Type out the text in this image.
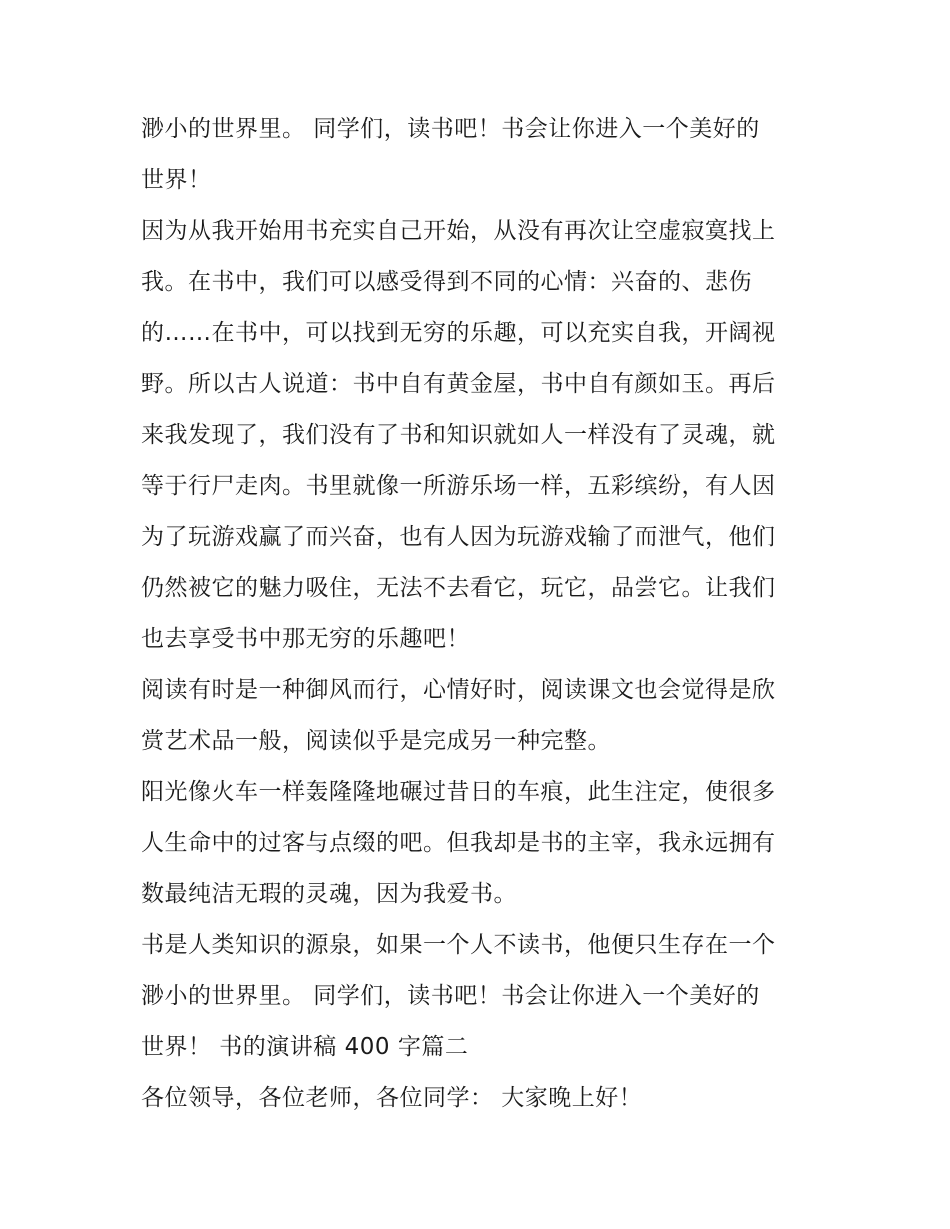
渺小的世界里。 同学们，读书吧！书会让你进入一个美好的
世界！
因为从我开始用书充实自己开始，从没有再次让空虚寂寞找上
我。在书中，我们可以感受得到不同的心情：兴奋的、悲伤
的……在书中，可以找到无穷的乐趣，可以充实自我，开阔视
野。所以古人说道：书中自有黄金屋，书中自有颜如玉。再后
来我发现了，我们没有了书和知识就如人一样没有了灵魂，就
等于行尸走肉。书里就像一所游乐场一样，五彩缤纷，有人因
为了玩游戏赢了而兴奋，也有人因为玩游戏输了而泄气，他们
仍然被它的魅力吸住，无法不去看它，玩它，品尝它。让我们
也去享受书中那无穷的乐趣吧！
阅读有时是一种御风而行，心情好时，阅读课文也会觉得是欣
赏艺术品一般，阅读似乎是完成另一种完整。
阳光像火车一样轰隆隆地碾过昔日的车痕，此生注定，使很多
人生命中的过客与点缀的吧。但我却是书的主宰，我永远拥有
数最纯洁无瑕的灵魂，因为我爱书。
书是人类知识的源泉，如果一个人不读书，他便只生存在一个
渺小的世界里。 同学们，读书吧！书会让你进入一个美好的
世界！ 书的演讲稿 400 字篇二
各位领导，各位老师，各位同学： 大家晚上好！
